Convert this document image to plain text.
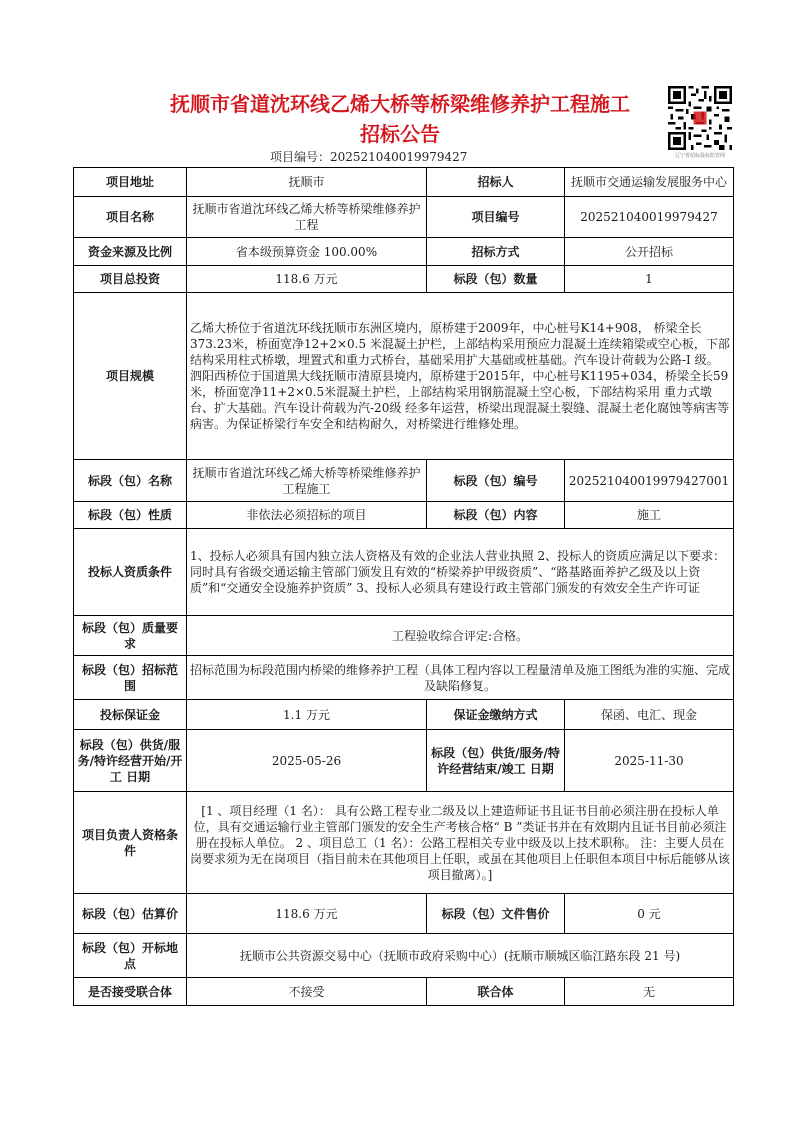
抚顺市省道沈环线乙烯大桥等桥梁维修养护工程施工
招标公告
项目编号：202521040019979427	辽宁省招标投标监管网
项目地址	抚顺市	招标人	抚顺市交通运输发展服务中心
项目名称	抚顺市省道沈环线乙烯大桥等桥梁维修养护工程	项目编号	202521040019979427
资金来源及比例	省本级预算资金 100.00%	招标方式	公开招标
项目总投资	118.6 万元	标段（包）数量	1
项目规模	乙烯大桥位于省道沈环线抚顺市东洲区境内，原桥建于2009年，中心桩号K14+908， 桥梁全长373.23米，桥面宽净12+2×0.5 米混凝土护栏，上部结构采用预应力混凝土连续箱梁或空心板，下部结构采用柱式桥墩，埋置式和重力式桥台，基础采用扩大基础或桩基础。汽车设计荷载为公路-I 级。 泗阳西桥位于国道黑大线抚顺市清原县境内，原桥建于2015年，中心桩号K1195+034，桥梁全长59米，桥面宽净11+2×0.5米混凝土护栏，上部结构采用钢筋混凝土空心板，下部结构采用 重力式墩台、扩大基础。汽车设计荷载为汽-20级 经多年运营，桥梁出现混凝土裂缝、混凝土老化腐蚀等病害等病害。为保证桥梁行车安全和结构耐久，对桥梁进行维修处理。		
标段（包）名称	抚顺市省道沈环线乙烯大桥等桥梁维修养护工程施工	标段（包）编号	202521040019979427001
标段（包）性质	非依法必须招标的项目	标段（包）内容	施工
投标人资质条件	1、投标人必须具有国内独立法人资格及有效的企业法人营业执照 2、投标人的资质应满足以下要求：同时具有省级交通运输主管部门颁发且有效的“桥梁养护甲级资质”、“路基路面养护乙级及以上资质”和“交通安全设施养护资质” 3、投标人必须具有建设行政主管部门颁发的有效安全生产许可证		
标段（包）质量要求	工程验收综合评定:合格。		
标段（包）招标范围	招标范围为标段范围内桥梁的维修养护工程（具体工程内容以工程量清单及施工图纸为准的实施、完成及缺陷修复。		
投标保证金	1.1 万元	保证金缴纳方式	保函、电汇、现金
标段（包）供货/服务/特许经营开始/开工 日期	2025-05-26	标段（包）供货/服务/特许经营结束/竣工 日期	2025-11-30
项目负责人资格条件	[1 、项目经理（1 名）： 具有公路工程专业二级及以上建造师证书且证书目前必须注册在投标人单位，具有交通运输行业主管部门颁发的安全生产考核合格“ B ”类证书并在有效期内且证书目前必须注册在投标人单位。 2 、项目总工（1 名）：公路工程相关专业中级及以上技术职称。 注：主要人员在岗要求须为无在岗项目（指目前未在其他项目上任职，或虽在其他项目上任职但本项目中标后能够从该项目撤离）。]		
标段（包）估算价	118.6 万元	标段（包）文件售价	0 元
标段（包）开标地点	抚顺市公共资源交易中心（抚顺市政府采购中心）(抚顺市顺城区临江路东段 21 号)		
是否接受联合体	不接受	联合体	无
